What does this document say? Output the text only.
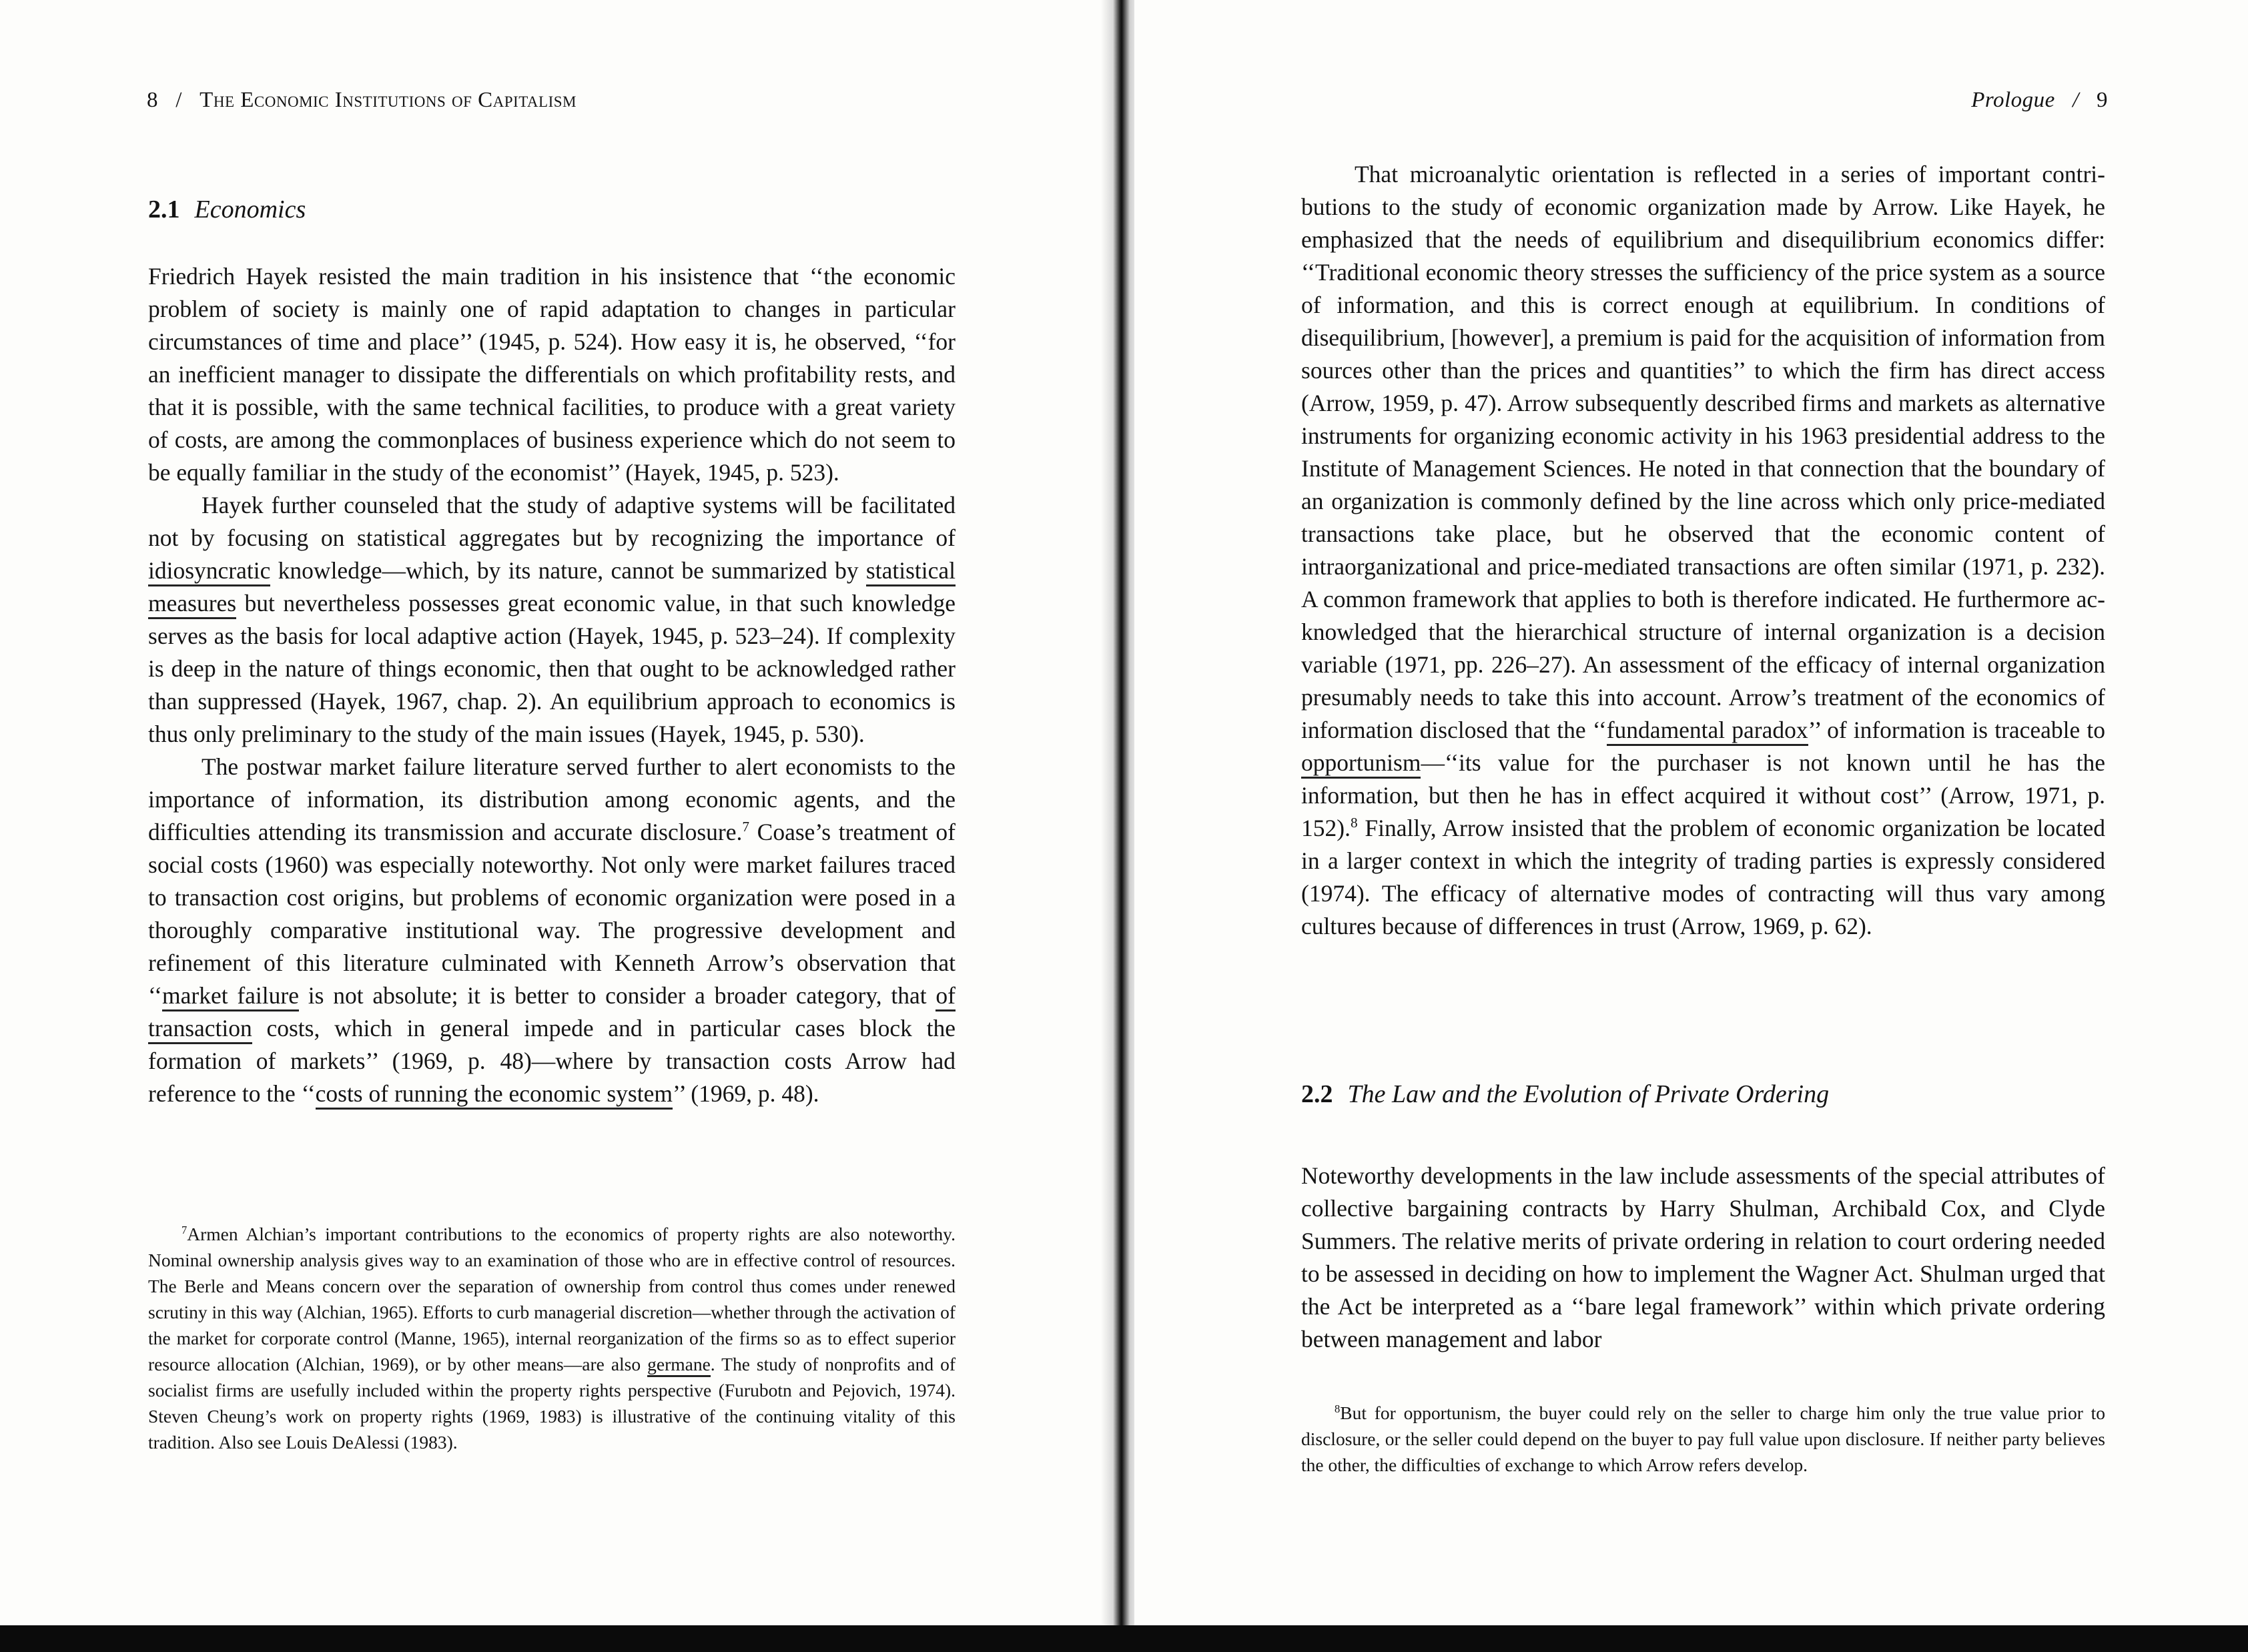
8 / The Economic Institutions of Capitalism
2.1 Economics

Friedrich Hayek resisted the main tradition in his insistence that ‘‘the economic problem of society is mainly one of rapid adaptation to changes in particular circumstances of time and place’’ (1945, p. 524). How easy it is, he observed, ‘‘for an inefficient manager to dissipate the differentials on which profitability rests, and that it is possible, with the same technical facilities, to produce with a great variety of costs, are among the commonplaces of business experience which do not seem to be equally familiar in the study of the economist’’ (Hayek, 1945, p. 523).

Hayek further counseled that the study of adaptive systems will be facilitated not by focusing on statistical aggregates but by recognizing the importance of idiosyncratic knowledge—which, by its nature, cannot be summarized by statistical measures but nevertheless possesses great economic value, in that such knowledge serves as the basis for local adaptive action (Hayek, 1945, p. 523–24). If complexity is deep in the nature of things economic, then that ought to be acknowledged rather than suppressed (Hayek, 1967, chap. 2). An equilibrium approach to economics is thus only preliminary to the study of the main issues (Hayek, 1945, p. 530).

The postwar market failure literature served further to alert economists to the importance of information, its distribution among economic agents, and the difficulties attending its transmission and accurate disclosure.$^7$ Coase’s treatment of social costs (1960) was especially noteworthy. Not only were market failures traced to transaction cost origins, but problems of economic organization were posed in a thoroughly comparative institutional way. The progressive development and refinement of this literature culminated with Kenneth Arrow’s observation that ‘‘market failure is not absolute; it is better to consider a broader category, that of transaction costs, which in general impede and in particular cases block the formation of markets’’ (1969, p. 48)—where by transaction costs Arrow had reference to the ‘‘costs of running the economic system’’ (1969, p. 48).

$^7$Armen Alchian’s important contributions to the economics of property rights are also noteworthy. Nominal ownership analysis gives way to an examination of those who are in effective control of resources. The Berle and Means concern over the separation of ownership from control thus comes under renewed scrutiny in this way (Alchian, 1965). Efforts to curb managerial discretion—whether through the activation of the market for corporate control (Manne, 1965), internal reorganization of the firms so as to effect superior resource allocation (Alchian, 1969), or by other means—are also germane. The study of nonprofits and of socialist firms are usefully included within the property rights perspective (Furubotn and Pejovich, 1974). Steven Cheung’s work on property rights (1969, 1983) is illustrative of the continuing vitality of this tradition. Also see Louis DeAlessi (1983).

Prologue / 9

That microanalytic orientation is reflected in a series of important contributions to the study of economic organization made by Arrow. Like Hayek, he emphasized that the needs of equilibrium and disequilibrium economics differ: ‘‘Traditional economic theory stresses the sufficiency of the price system as a source of information, and this is correct enough at equilibrium. In conditions of disequilibrium, [however], a premium is paid for the acquisition of information from sources other than the prices and quantities’’ to which the firm has direct access (Arrow, 1959, p. 47). Arrow subsequently described firms and markets as alternative instruments for organizing economic activity in his 1963 presidential address to the Institute of Management Sciences. He noted in that connection that the boundary of an organization is commonly defined by the line across which only price-mediated transactions take place, but he observed that the economic content of intraorganizational and price-mediated transactions are often similar (1971, p. 232). A common framework that applies to both is therefore indicated. He furthermore acknowledged that the hierarchical structure of internal organization is a decision variable (1971, pp. 226–27). An assessment of the efficacy of internal organization presumably needs to take this into account. Arrow’s treatment of the economics of information disclosed that the ‘‘fundamental paradox’’ of information is traceable to opportunism—‘‘its value for the purchaser is not known until he has the information, but then he has in effect acquired it without cost’’ (Arrow, 1971, p. 152).$^8$ Finally, Arrow insisted that the problem of economic organization be located in a larger context in which the integrity of trading parties is expressly considered (1974). The efficacy of alternative modes of contracting will thus vary among cultures because of differences in trust (Arrow, 1969, p. 62).

2.2 The Law and the Evolution of Private Ordering

Noteworthy developments in the law include assessments of the special attributes of collective bargaining contracts by Harry Shulman, Archibald Cox, and Clyde Summers. The relative merits of private ordering in relation to court ordering needed to be assessed in deciding on how to implement the Wagner Act. Shulman urged that the Act be interpreted as a ‘‘bare legal framework’’ within which private ordering between management and labor

$^8$But for opportunism, the buyer could rely on the seller to charge him only the true value prior to disclosure, or the seller could depend on the buyer to pay full value upon disclosure. If neither party believes the other, the difficulties of exchange to which Arrow refers develop.
